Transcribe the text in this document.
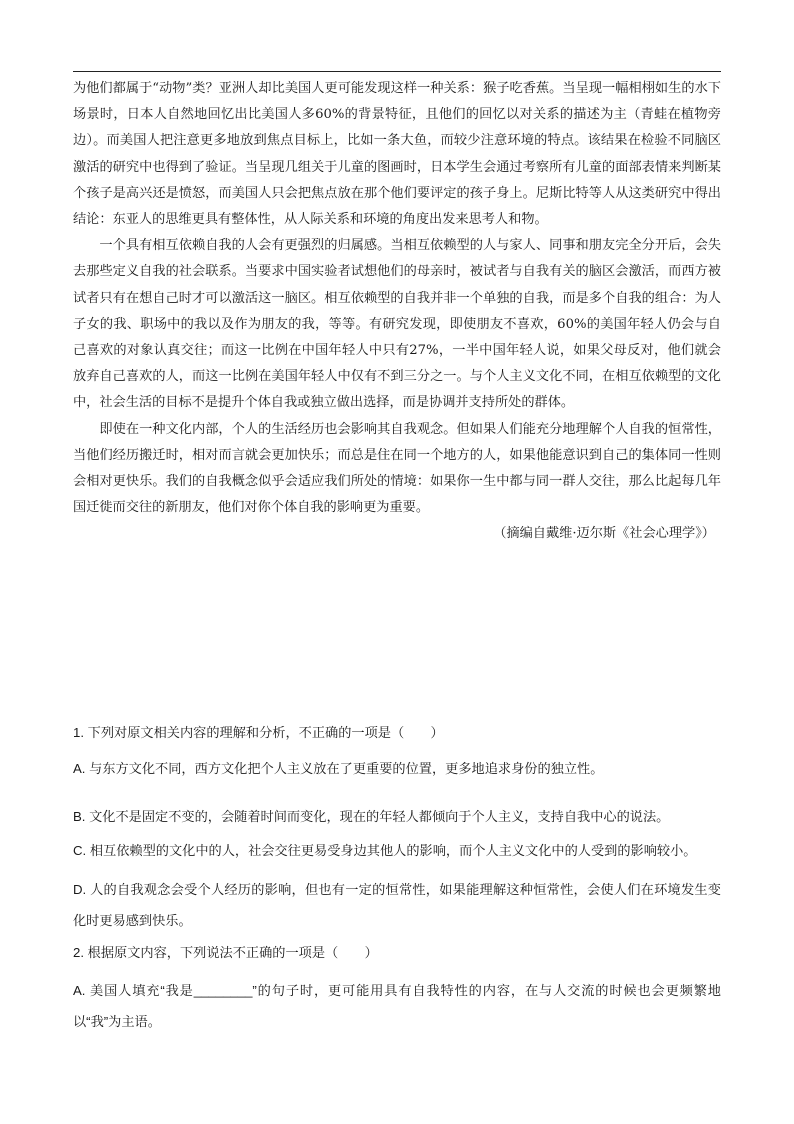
为他们都属于“动物”类？亚洲人却比美国人更可能发现这样一种关系：猴子吃香蕉。当呈现一幅相栩如生的水下场景时，日本人自然地回忆出比美国人多60%的背景特征，且他们的回忆以对关系的描述为主（青蛙在植物旁边）。而美国人把注意更多地放到焦点目标上，比如一条大鱼，而较少注意环境的特点。该结果在检验不同脑区激活的研究中也得到了验证。当呈现几组关于儿童的图画时，日本学生会通过考察所有儿童的面部表情来判断某个孩子是高兴还是愤怒，而美国人只会把焦点放在那个他们要评定的孩子身上。尼斯比特等人从这类研究中得出结论：东亚人的思维更具有整体性，从人际关系和环境的角度出发来思考人和物。

一个具有相互依赖自我的人会有更强烈的归属感。当相互依赖型的人与家人、同事和朋友完全分开后，会失去那些定义自我的社会联系。当要求中国实验者试想他们的母亲时，被试者与自我有关的脑区会激活，而西方被试者只有在想自己时才可以激活这一脑区。相互依赖型的自我并非一个单独的自我，而是多个自我的组合：为人子女的我、职场中的我以及作为朋友的我，等等。有研究发现，即使朋友不喜欢，60%的美国年轻人仍会与自己喜欢的对象认真交往；而这一比例在中国年轻人中只有27%，一半中国年轻人说，如果父母反对，他们就会放弃自己喜欢的人，而这一比例在美国年轻人中仅有不到三分之一。与个人主义文化不同，在相互依赖型的文化中，社会生活的目标不是提升个体自我或独立做出选择，而是协调并支持所处的群体。

即使在一种文化内部，个人的生活经历也会影响其自我观念。但如果人们能充分地理解个人自我的恒常性，当他们经历搬迁时，相对而言就会更加快乐；而总是住在同一个地方的人，如果他能意识到自己的集体同一性则会相对更快乐。我们的自我概念似乎会适应我们所处的情境：如果你一生中都与同一群人交往，那么比起每几年国迁徙而交往的新朋友，他们对你个体自我的影响更为重要。

（摘编自戴维·迈尔斯《社会心理学》）

1. 下列对原文相关内容的理解和分析，不正确的一项是（　　）

A. 与东方文化不同，西方文化把个人主义放在了更重要的位置，更多地追求身份的独立性。

B. 文化不是固定不变的，会随着时间而变化，现在的年轻人都倾向于个人主义，支持自我中心的说法。

C. 相互依赖型的文化中的人，社会交往更易受身边其他人的影响，而个人主义文化中的人受到的影响较小。

D. 人的自我观念会受个人经历的影响，但也有一定的恒常性，如果能理解这种恒常性，会使人们在环境发生变化时更易感到快乐。

2. 根据原文内容，下列说法不正确的一项是（　　）

A. 美国人填充“我是________”的句子时，更可能用具有自我特性的内容，在与人交流的时候也会更频繁地以“我”为主语。
